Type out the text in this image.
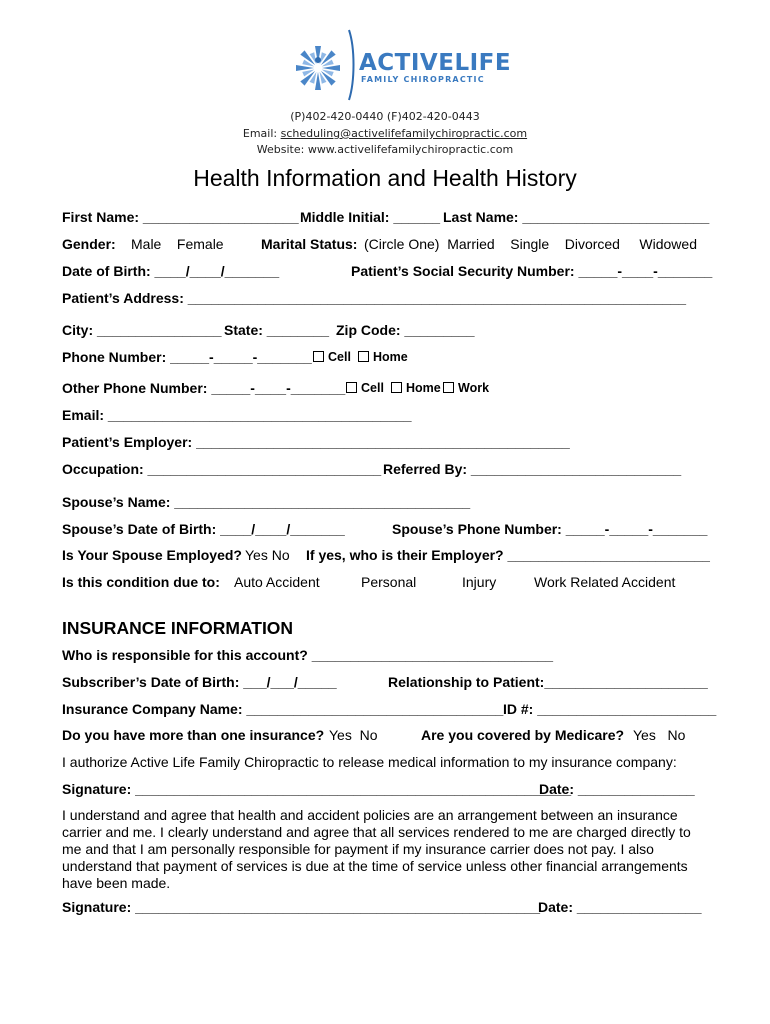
ACTIVELIFE
FAMILY CHIROPRACTIC
(P)402-420-0440 (F)402-420-0443
Email: scheduling@activelifefamilychiropractic.com
Website: www.activelifefamilychiropractic.com
Health Information and Health History
First Name: ____________________ Middle Initial: ______ Last Name: ________________________
Gender: Male    Female	Marital Status: (Circle One)  Married    Single    Divorced     Widowed
Date of Birth: ____/____/_______	Patient’s Social Security Number: _____-____-_______
Patient’s Address: ________________________________________________________________
City: ________________ State: ________ Zip Code: _________
Phone Number: _____-_____-_______	Cell	Home
Other Phone Number: _____-____-_______	Cell	Home	Work
Email: _______________________________________
Patient’s Employer: ________________________________________________
Occupation: ______________________________ Referred By: ___________________________
Spouse’s Name: ______________________________________
Spouse’s Date of Birth: ____/____/_______	Spouse’s Phone Number: _____-_____-_______
Is Your Spouse Employed? Yes No If yes, who is their Employer? __________________________
Is this condition due to: Auto Accident	Personal	Injury	Work Related Accident
INSURANCE INFORMATION
Who is responsible for this account? _______________________________
Subscriber’s Date of Birth: ___/___/_____	Relationship to Patient:_____________________
Insurance Company Name: _________________________________ ID #: _______________________
Do you have more than one insurance? Yes  No	Are you covered by Medicare? Yes   No
I authorize Active Life Family Chiropractic to release medical information to my insurance company:
Signature: ________________________________________________________
Date: _______________
I understand and agree that health and accident policies are an arrangement between an insurance carrier and me. I clearly understand and agree that all services rendered to me are charged directly to me and that I am personally responsible for payment if my insurance carrier does not pay. I also understand that payment of services is due at the time of service unless other financial arrangements have been made.
Signature: ____________________________________________________
Date: ________________
